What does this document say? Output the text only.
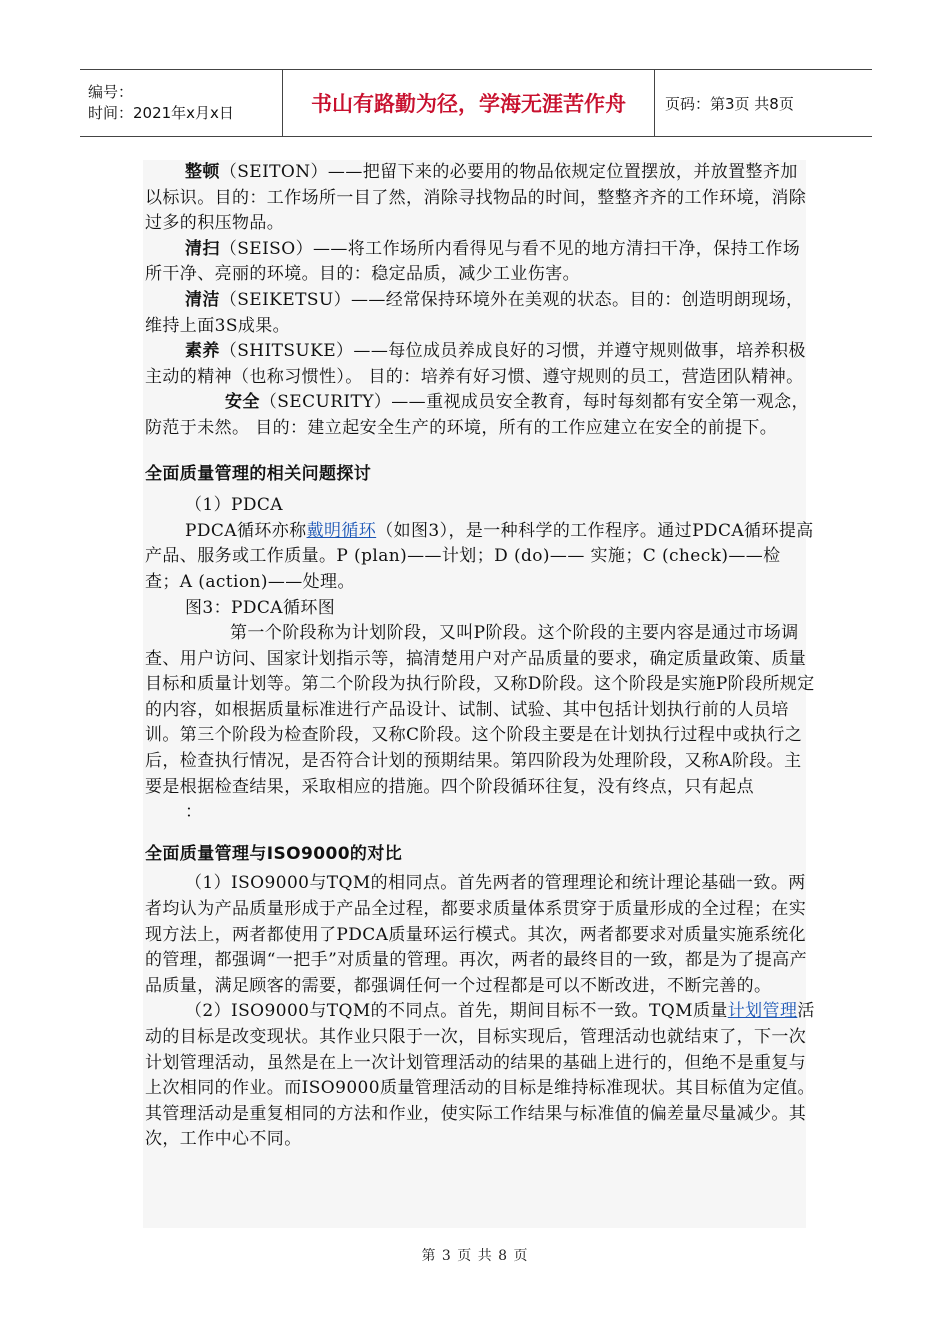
编号：
时间：2021年x月x日	书山有路勤为径，学海无涯苦作舟	页码：第3页 共8页

整顿（SEITON）——把留下来的必要用的物品依规定位置摆放，并放置整齐加以标识。目的：工作场所一目了然，消除寻找物品的时间，整整齐齐的工作环境，消除过多的积压物品。

清扫（SEISO）——将工作场所内看得见与看不见的地方清扫干净，保持工作场所干净、亮丽的环境。目的：稳定品质，减少工业伤害。

清洁（SEIKETSU）——经常保持环境外在美观的状态。目的：创造明朗现场，维持上面3S成果。

素养（SHITSUKE）——每位成员养成良好的习惯，并遵守规则做事，培养积极主动的精神（也称习惯性）。 目的：培养有好习惯、遵守规则的员工，营造团队精神。

安全（SECURITY）——重视成员安全教育，每时每刻都有安全第一观念，防范于未然。 目的：建立起安全生产的环境，所有的工作应建立在安全的前提下。

全面质量管理的相关问题探讨

（1）PDCA

PDCA循环亦称戴明循环（如图3），是一种科学的工作程序。通过PDCA循环提高产品、服务或工作质量。P (plan)——计划；D (do)—— 实施；C (check)——检查；A (action)——处理。

图3：PDCA循环图

第一个阶段称为计划阶段，又叫P阶段。这个阶段的主要内容是通过市场调查、用户访问、国家计划指示等，搞清楚用户对产品质量的要求，确定质量政策、质量目标和质量计划等。第二个阶段为执行阶段，又称D阶段。这个阶段是实施P阶段所规定的内容，如根据质量标准进行产品设计、试制、试验、其中包括计划执行前的人员培训。第三个阶段为检查阶段，又称C阶段。这个阶段主要是在计划执行过程中或执行之后，检查执行情况，是否符合计划的预期结果。第四阶段为处理阶段，又称A阶段。主要是根据检查结果，采取相应的措施。四个阶段循环往复，没有终点，只有起点

：

全面质量管理与ISO9000的对比

（1）ISO9000与TQM的相同点。首先两者的管理理论和统计理论基础一致。两者均认为产品质量形成于产品全过程，都要求质量体系贯穿于质量形成的全过程；在实现方法上，两者都使用了PDCA质量环运行模式。其次，两者都要求对质量实施系统化的管理，都强调“一把手”对质量的管理。再次，两者的最终目的一致，都是为了提高产品质量，满足顾客的需要，都强调任何一个过程都是可以不断改进，不断完善的。

（2）ISO9000与TQM的不同点。首先，期间目标不一致。TQM质量计划管理活动的目标是改变现状。其作业只限于一次，目标实现后，管理活动也就结束了，下一次计划管理活动，虽然是在上一次计划管理活动的结果的基础上进行的，但绝不是重复与上次相同的作业。而ISO9000质量管理活动的目标是维持标准现状。其目标值为定值。其管理活动是重复相同的方法和作业，使实际工作结果与标准值的偏差量尽量减少。其次，工作中心不同。

第 3 页 共 8 页
